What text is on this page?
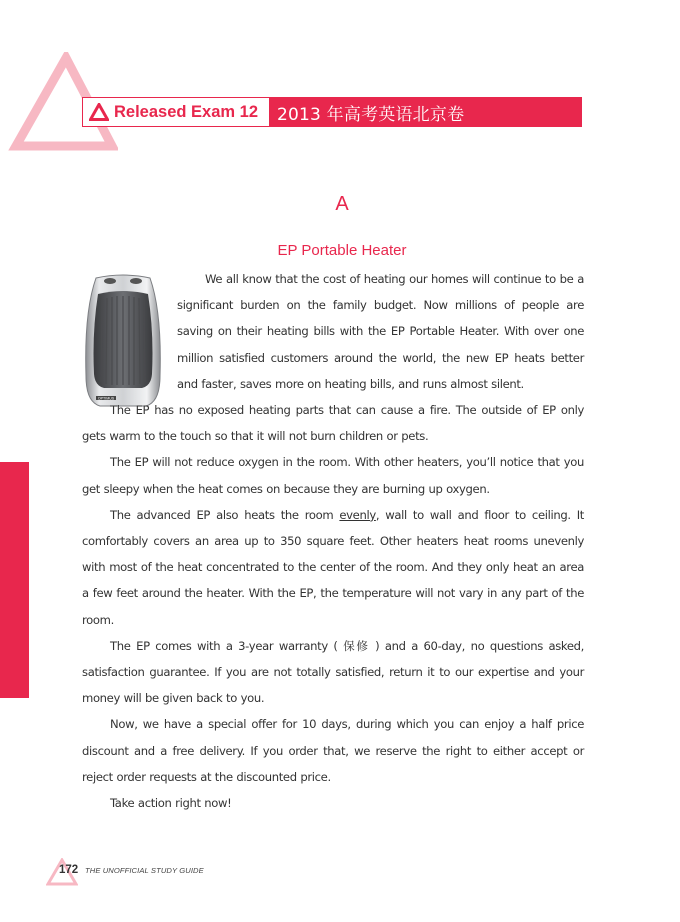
Released Exam 12 2013 年高考英语北京卷
A
EP Portable Heater
OPTIMUS

We all know that the cost of heating our homes will continue to be a significant burden on the family budget. Now millions of people are saving on their heating bills with the EP Portable Heater. With over one million satisfied customers around the world, the new EP heats better and faster, saves more on heating bills, and runs almost silent.

The EP has no exposed heating parts that can cause a fire. The outside of EP only gets warm to the touch so that it will not burn children or pets.

The EP will not reduce oxygen in the room. With other heaters, you’ll notice that you get sleepy when the heat comes on because they are burning up oxygen.

The advanced EP also heats the room evenly, wall to wall and floor to ceiling. It comfortably covers an area up to 350 square feet. Other heaters heat rooms unevenly with most of the heat concentrated to the center of the room. And they only heat an area a few feet around the heater. With the EP, the temperature will not vary in any part of the room.

The EP comes with a 3-year warranty ( 保修 ) and a 60-day, no questions asked, satisfaction guarantee. If you are not totally satisfied, return it to our expertise and your money will be given back to you.

Now, we have a special offer for 10 days, during which you can enjoy a half price discount and a free delivery. If you order that, we reserve the right to either accept or reject order requests at the discounted price.

Take action right now!

172 THE UNOFFICIAL STUDY GUIDE
